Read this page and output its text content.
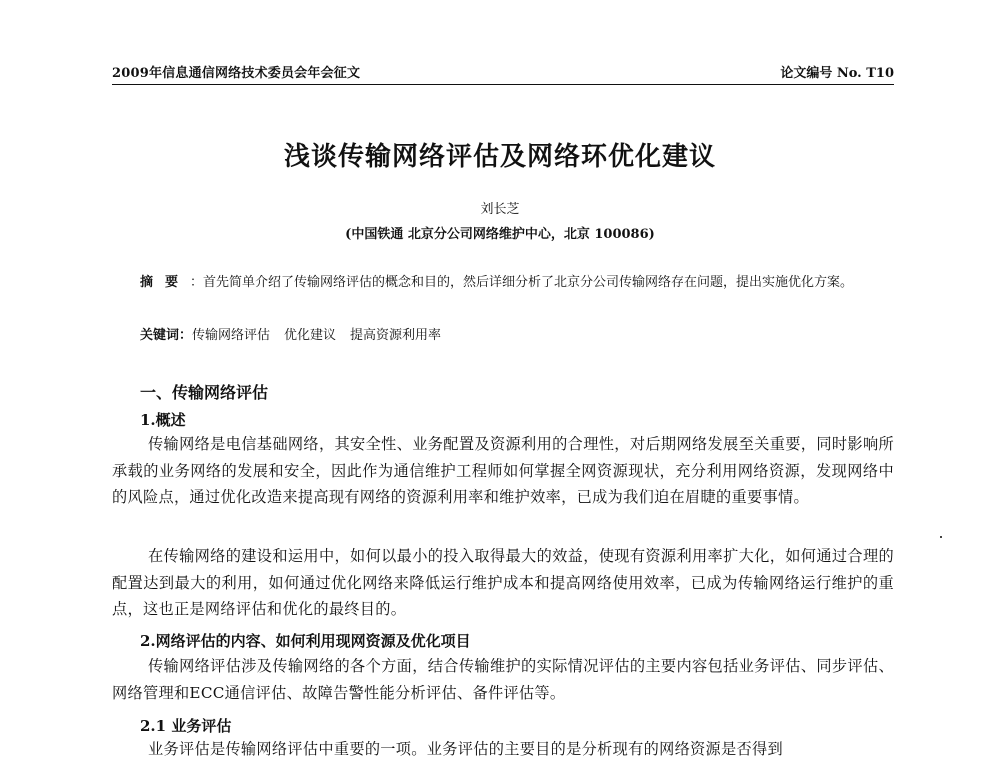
2009年信息通信网络技术委员会年会征文	论文编号 No. T10
浅谈传输网络评估及网络环优化建议
刘长芝
(中国铁通 北京分公司网络维护中心，北京 100086)
摘要：首先简单介绍了传输网络评估的概念和目的，然后详细分析了北京分公司传输网络存在问题，提出实施优化方案。
关键词：传输网络评估 优化建议 提高资源利用率
一、传输网络评估
1.概述
传输网络是电信基础网络，其安全性、业务配置及资源利用的合理性，对后期网络发展至关重要，同时影响所承载的业务网络的发展和安全，因此作为通信维护工程师如何掌握全网资源现状，充分利用网络资源，发现网络中的风险点，通过优化改造来提高现有网络的资源利用率和维护效率，已成为我们迫在眉睫的重要事情。
在传输网络的建设和运用中，如何以最小的投入取得最大的效益，使现有资源利用率扩大化，如何通过合理的配置达到最大的利用，如何通过优化网络来降低运行维护成本和提高网络使用效率，已成为传输网络运行维护的重点，这也正是网络评估和优化的最终目的。
2.网络评估的内容、如何利用现网资源及优化项目
传输网络评估涉及传输网络的各个方面，结合传输维护的实际情况评估的主要内容包括业务评估、同步评估、网络管理和ECC通信评估、故障告警性能分析评估、备件评估等。
2.1 业务评估
业务评估是传输网络评估中重要的一项。业务评估的主要目的是分析现有的网络资源是否得到
